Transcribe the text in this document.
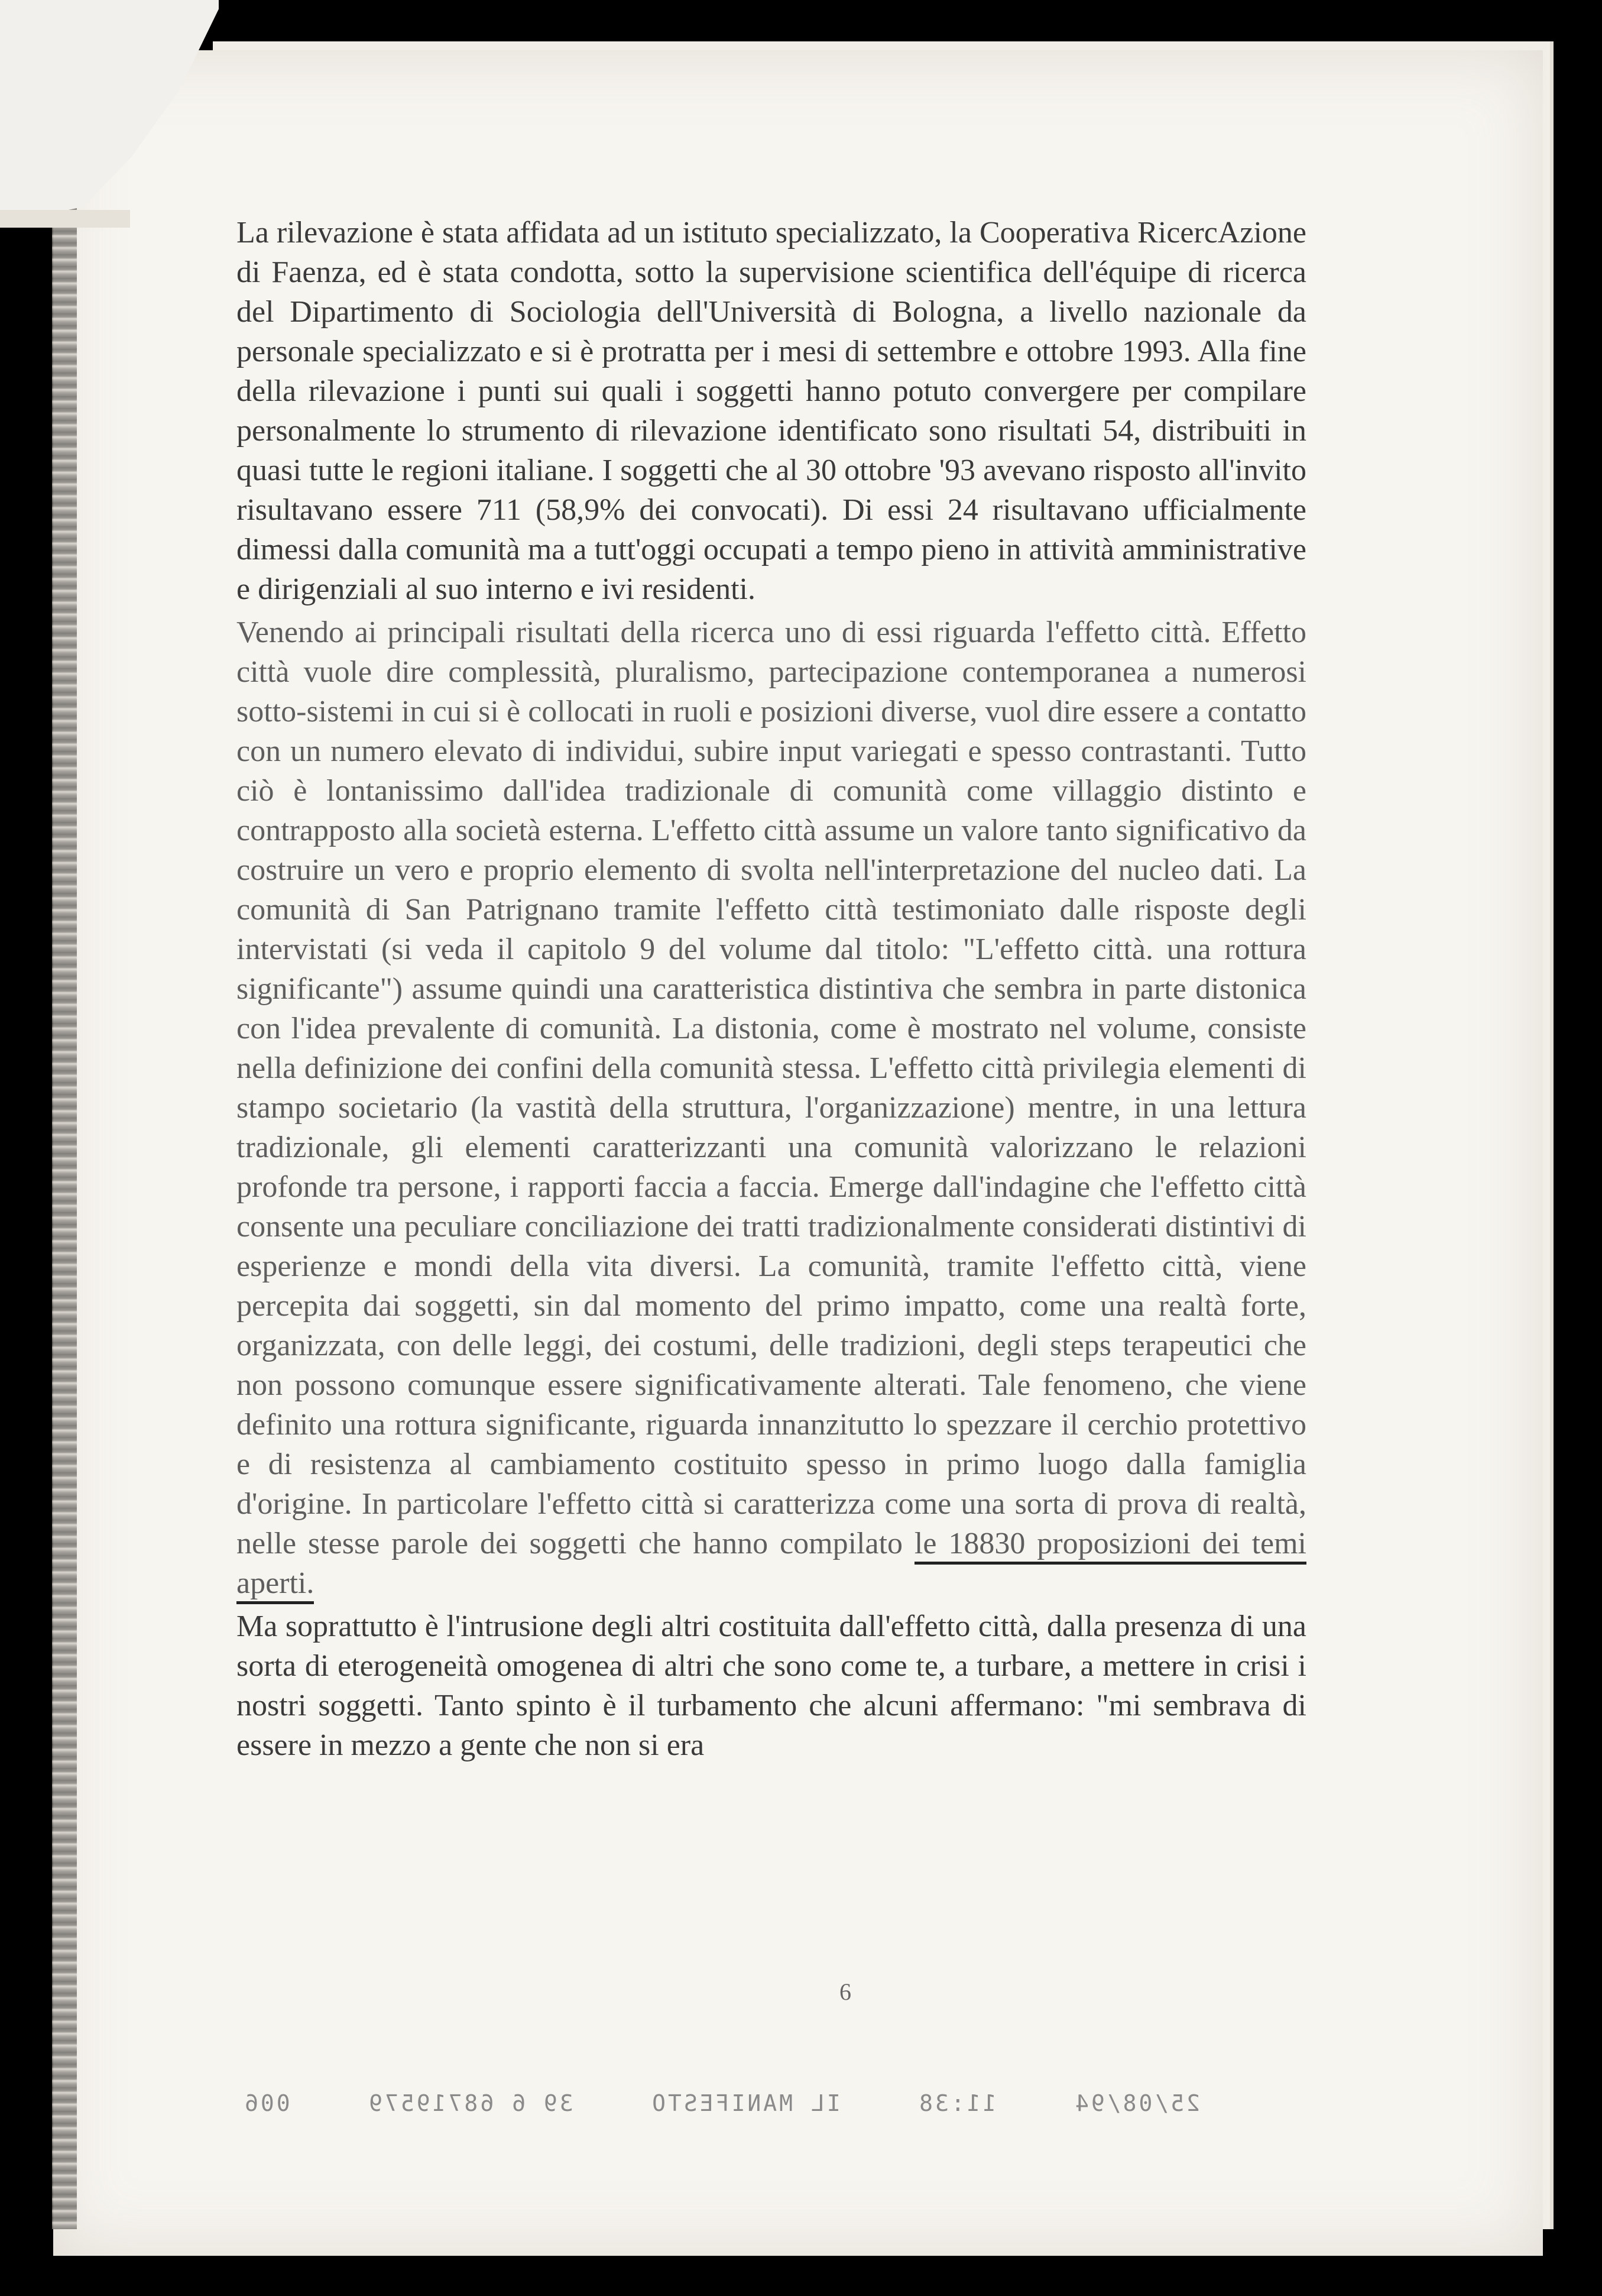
La rilevazione è stata affidata ad un istituto specializzato, la Cooperativa RicercAzione di Faenza, ed è stata condotta, sotto la supervisione scientifica dell'équipe di ricerca del Dipartimento di Sociologia dell'Università di Bologna, a livello nazionale da personale specializzato e si è protratta per i mesi di settembre e ottobre 1993. Alla fine della rilevazione i punti sui quali i soggetti hanno potuto convergere per compilare personalmente lo strumento di rilevazione identificato sono risultati 54, distribuiti in quasi tutte le regioni italiane. I soggetti che al 30 ottobre '93 avevano risposto all'invito risultavano essere 711 (58,9% dei convocati). Di essi 24 risultavano ufficialmente dimessi dalla comunità ma a tutt'oggi occupati a tempo pieno in attività amministrative e dirigenziali al suo interno e ivi residenti.

Venendo ai principali risultati della ricerca uno di essi riguarda l'effetto città. Effetto città vuole dire complessità, pluralismo, partecipazione contemporanea a numerosi sotto-sistemi in cui si è collocati in ruoli e posizioni diverse, vuol dire essere a contatto con un numero elevato di individui, subire input variegati e spesso contrastanti. Tutto ciò è lontanissimo dall'idea tradizionale di comunità come villaggio distinto e contrapposto alla società esterna. L'effetto città assume un valore tanto significativo da costruire un vero e proprio elemento di svolta nell'interpretazione del nucleo dati. La comunità di San Patrignano tramite l'effetto città testimoniato dalle risposte degli intervistati (si veda il capitolo 9 del volume dal titolo: "L'effetto città. una rottura significante") assume quindi una caratteristica distintiva che sembra in parte distonica con l'idea prevalente di comunità. La distonia, come è mostrato nel volume, consiste nella definizione dei confini della comunità stessa. L'effetto città privilegia elementi di stampo societario (la vastità della struttura, l'organizzazione) mentre, in una lettura tradizionale, gli elementi caratterizzanti una comunità valorizzano le relazioni profonde tra persone, i rapporti faccia a faccia. Emerge dall'indagine che l'effetto città consente una peculiare conciliazione dei tratti tradizionalmente considerati distintivi di esperienze e mondi della vita diversi. La comunità, tramite l'effetto città, viene percepita dai soggetti, sin dal momento del primo impatto, come una realtà forte, organizzata, con delle leggi, dei costumi, delle tradizioni, degli steps terapeutici che non possono comunque essere significativamente alterati. Tale fenomeno, che viene definito una rottura significante, riguarda innanzitutto lo spezzare il cerchio protettivo e di resistenza al cambiamento costituito spesso in primo luogo dalla famiglia d'origine. In particolare l'effetto città si caratterizza come una sorta di prova di realtà, nelle stesse parole dei soggetti che hanno compilato le 18830 proposizioni dei temi aperti.

Ma soprattutto è l'intrusione degli altri costituita dall'effetto città, dalla presenza di una sorta di eterogeneità omogenea di altri che sono come te, a turbare, a mettere in crisi i nostri soggetti. Tanto spinto è il turbamento che alcuni affermano: "mi sembrava di essere in mezzo a gente che non si era

6
25/08/94
11:38
IL MANIFESTO
39 6 68719579
006
